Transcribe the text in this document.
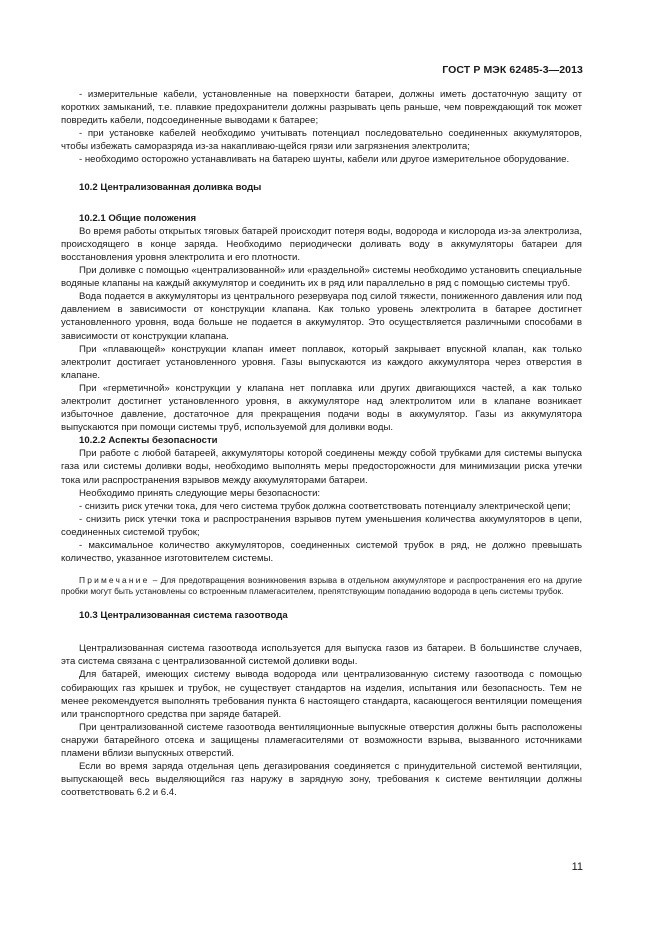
ГОСТ Р МЭК 62485-3—2013

- измерительные кабели, установленные на поверхности батареи, должны иметь достаточную защиту от коротких замыканий, т.е. плавкие предохранители должны разрывать цепь раньше, чем повреждающий ток может повредить кабели, подсоединенные выводами к батарее;

- при установке кабелей необходимо учитывать потенциал последовательно соединенных аккумуляторов, чтобы избежать саморазряда из-за накапливаю-щейся грязи или загрязнения электролита;

- необходимо осторожно устанавливать на батарею шунты, кабели или другое измерительное оборудование.

10.2 Централизованная доливка воды

10.2.1 Общие положения

Во время работы открытых тяговых батарей происходит потеря воды, водорода и кислорода из-за электролиза, происходящего в конце заряда. Необходимо периодически доливать воду в аккумуляторы батареи для восстановления уровня электролита и его плотности.

При доливке с помощью «централизованной» или «раздельной» системы необходимо установить специальные водяные клапаны на каждый аккумулятор и соединить их в ряд или параллельно в ряд с помощью системы труб.

Вода подается в аккумуляторы из центрального резервуара под силой тяжести, пониженного давления или под давлением в зависимости от конструкции клапана. Как только уровень электролита в батарее достигнет установленного уровня, вода больше не подается в аккумулятор. Это осуществляется различными способами в зависимости от конструкции клапана.

При «плавающей» конструкции клапан имеет поплавок, который закрывает впускной клапан, как только электролит достигает установленного уровня. Газы выпускаются из каждого аккумулятора через отверстия в клапане.

При «герметичной» конструкции у клапана нет поплавка или других двигающихся частей, а как только электролит достигнет установленного уровня, в аккумуляторе над электролитом или в клапане возникает избыточное давление, достаточное для прекращения подачи воды в аккумулятор. Газы из аккумулятора выпускаются при помощи системы труб, используемой для доливки воды.

10.2.2 Аспекты безопасности

При работе с любой батареей, аккумуляторы которой соединены между собой трубками для системы выпуска газа или системы доливки воды, необходимо выполнять меры предосторожности для минимизации риска утечки тока или распространения взрывов между аккумуляторами батареи.

Необходимо принять следующие меры безопасности:

- снизить риск утечки тока, для чего система трубок должна соответствовать потенциалу электрической цепи;

- снизить риск утечки тока и распространения взрывов путем уменьшения количества аккумуляторов в цепи, соединенных системой трубок;

- максимальное количество аккумуляторов, соединенных системой трубок в ряд, не должно превышать количество, указанное изготовителем системы.

Примечание – Для предотвращения возникновения взрыва в отдельном аккумуляторе и распространения его на другие пробки могут быть установлены со встроенным пламегасителем, препятствующим попаданию водорода в цепь системы трубок.

10.3 Централизованная система газоотвода

Централизованная система газоотвода используется для выпуска газов из батареи. В большинстве случаев, эта система связана с централизованной системой доливки воды.

Для батарей, имеющих систему вывода водорода или централизованную систему газоотвода с помощью собирающих газ крышек и трубок, не существует стандартов на изделия, испытания или безопасность. Тем не менее рекомендуется выполнять требования пункта 6 настоящего стандарта, касающегося вентиляции помещения или транспортного средства при заряде батарей.

При централизованной системе газоотвода вентиляционные выпускные отверстия должны быть расположены снаружи батарейного отсека и защищены пламегасителями от возможности взрыва, вызванного источниками пламени вблизи выпускных отверстий.

Если во время заряда отдельная цепь дегазирования соединяется с принудительной системой вентиляции, выпускающей весь выделяющийся газ наружу в зарядную зону, требования к системе вентиляции должны соответствовать 6.2 и 6.4.

11
